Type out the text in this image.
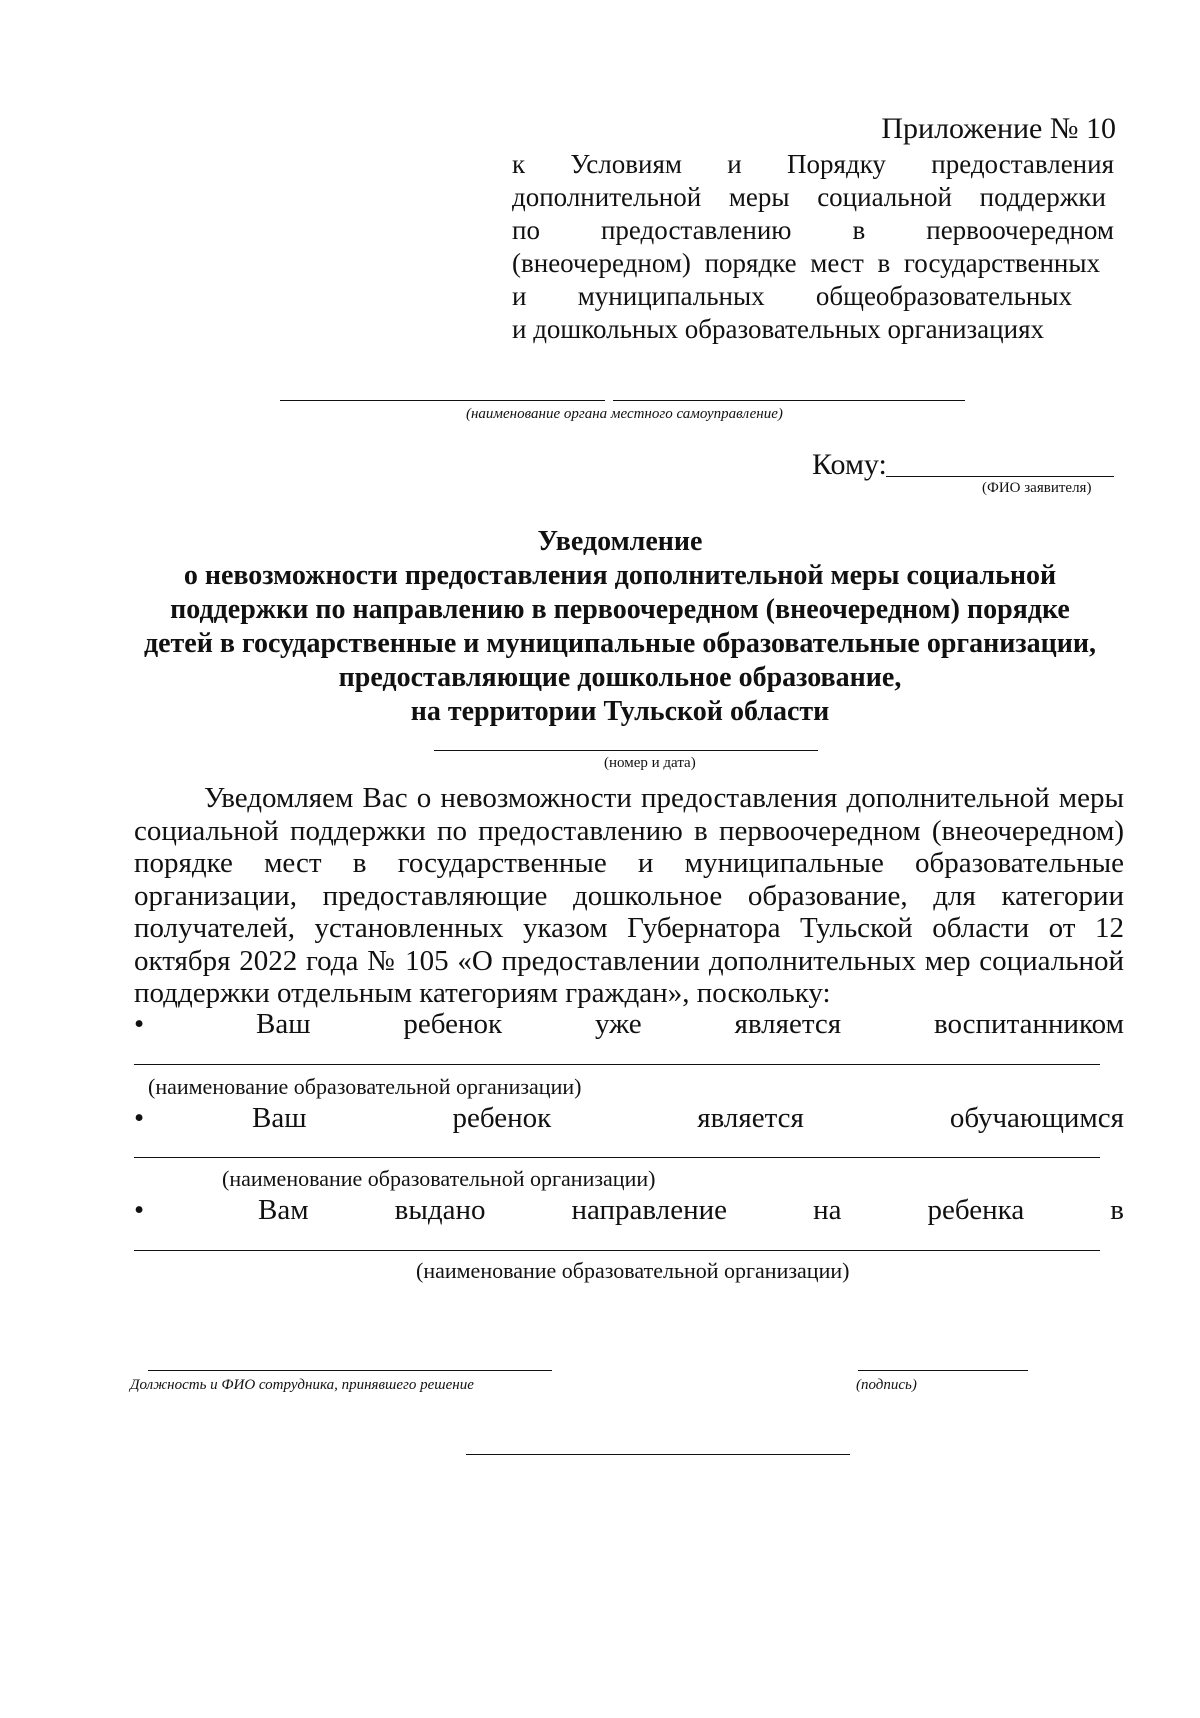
Приложение № 10
к Условиям и Порядку предоставления
дополнительной меры социальной поддержки
по предоставлению в первоочередном
(внеочередном) порядке мест в государственных
и муниципальных общеобразовательных
и дошкольных образовательных организациях
(наименование органа местного самоуправление)
Кому:
(ФИО заявителя)
Уведомление
о невозможности предоставления дополнительной меры социальной
поддержки по направлению в первоочередном (внеочередном) порядке
детей в государственные и муниципальные образовательные организации,
предоставляющие дошкольное образование,
на территории Тульской области
(номер и дата)

Уведомляем Вас о невозможности предоставления дополнительной меры социальной поддержки по предоставлению в первоочередном (внеочередном) порядке мест в государственные и муниципальные образовательные организации, предоставляющие дошкольное образование, для категории получателей, установленных указом Губернатора Тульской области от 12 октября 2022 года № 105 «О предоставлении дополнительных мер социальной поддержки отдельным категориям граждан», поскольку:

•	Ваш	ребенок	уже	является	воспитанником
(наименование образовательной организации)
•	Ваш	ребенок	является	обучающимся
(наименование образовательной организации)
•	Вам	выдано	направление	на	ребенка	в
(наименование образовательной организации)
Должность и ФИО сотрудника, принявшего решение	(подпись)
